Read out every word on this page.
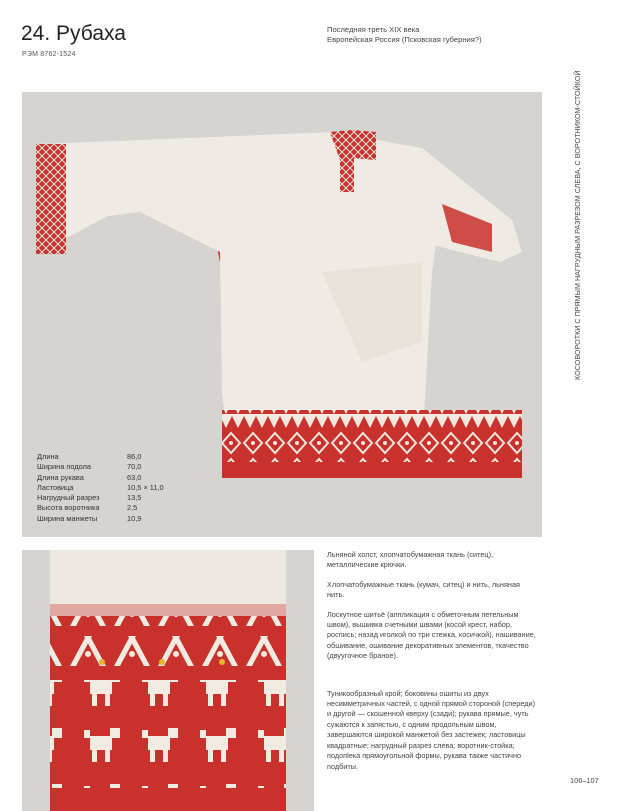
24. Рубаха
РЭМ 8762-1524
Последняя треть XIX века
Европейская Россия (Псковская губерния?)
КОСОВОРОТКИ С ПРЯМЫМ НАГРУДНЫМ РАЗРЕЗОМ СЛЕВА, С ВОРОТНИКОМ-СТОЙКОЙ
Длина	86,0
Ширина подола	70,0
Длина рукава	63,0
Ластовица	10,5 × 11,0
Нагрудный разрез	13,5
Высота воротника	2,5
Ширина манжеты	10,9

Льняной холст, хлопчатобумажная ткань (ситец), металлические крючки.

Хлопчатобумажные ткань (кумач, ситец) и нить, льняная нить.

Лоскутное шитьё (аппликация с обметочным петельным швом), вышивка счетными швами (косой крест, набор, роспись; назад иголкой по три стежка, косичкой), нашивание, обшивание, ошивание декоративных элементов, ткачество (двуугочное браное).

Туникообразный крой; боковины ошиты из двух несимметричных частей, с одной прямой стороной (спереди) и другой — скошенной кверху (сзади); рукава прямые, чуть сужаются к запястью, с одним продольным швом, завершаются широкой манжетой без застежек; ластовицы квадратные; нагрудный разрез слева; воротник-стойка; подопleка прямоугольной формы, рукава также частично подбиты.

106–107
